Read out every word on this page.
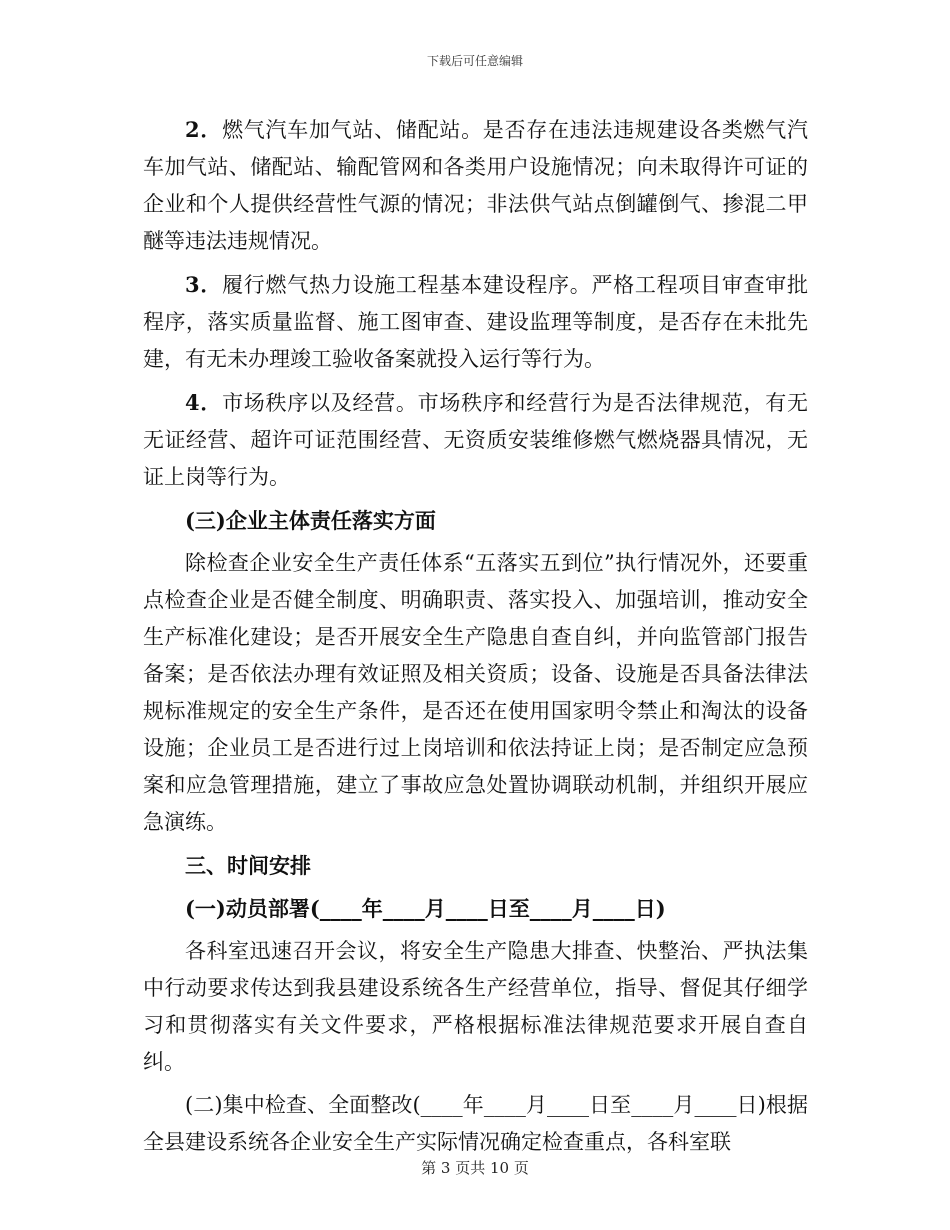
下载后可任意编辑

2．燃气汽车加气站、储配站。是否存在违法违规建设各类燃气汽车加气站、储配站、输配管网和各类用户设施情况；向未取得许可证的企业和个人提供经营性气源的情况；非法供气站点倒罐倒气、掺混二甲醚等违法违规情况。

3．履行燃气热力设施工程基本建设程序。严格工程项目审查审批程序，落实质量监督、施工图审查、建设监理等制度，是否存在未批先建，有无未办理竣工验收备案就投入运行等行为。

4．市场秩序以及经营。市场秩序和经营行为是否法律规范，有无无证经营、超许可证范围经营、无资质安装维修燃气燃烧器具情况，无证上岗等行为。

(三)企业主体责任落实方面

除检查企业安全生产责任体系“五落实五到位”执行情况外，还要重点检查企业是否健全制度、明确职责、落实投入、加强培训，推动安全生产标准化建设；是否开展安全生产隐患自查自纠，并向监管部门报告备案；是否依法办理有效证照及相关资质；设备、设施是否具备法律法规标准规定的安全生产条件，是否还在使用国家明令禁止和淘汰的设备设施；企业员工是否进行过上岗培训和依法持证上岗；是否制定应急预案和应急管理措施，建立了事故应急处置协调联动机制，并组织开展应急演练。

三、时间安排

(一)动员部署(____年____月____日至____月____日)

各科室迅速召开会议，将安全生产隐患大排查、快整治、严执法集中行动要求传达到我县建设系统各生产经营单位，指导、督促其仔细学习和贯彻落实有关文件要求，严格根据标准法律规范要求开展自查自纠。

(二)集中检查、全面整改(____年____月____日至____月____日)根据全县建设系统各企业安全生产实际情况确定检查重点，各科室联

第 3 页共 10 页
